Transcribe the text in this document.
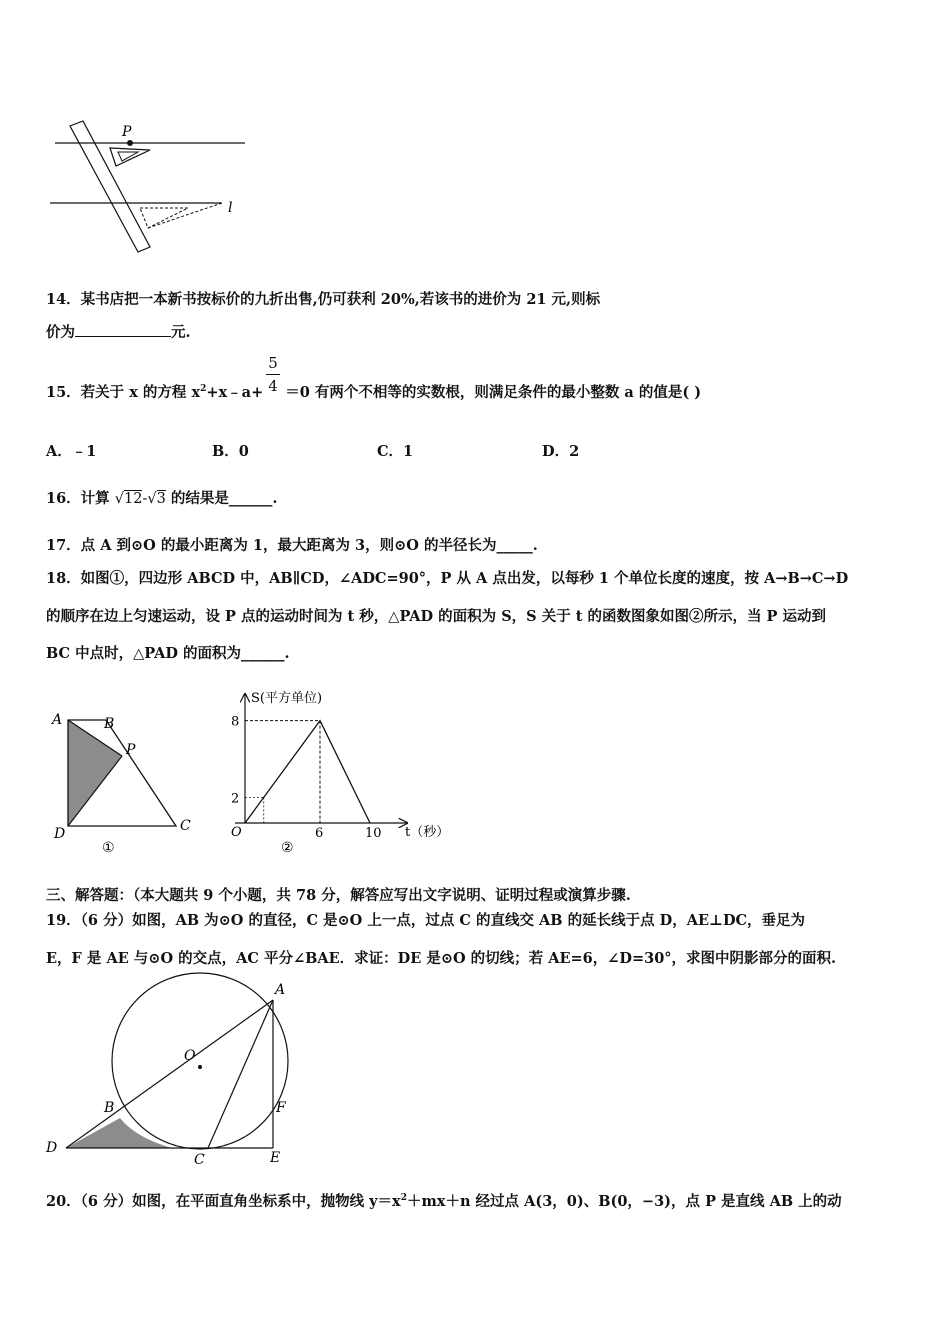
P
l
14．某书店把一本新书按标价的九折出售,仍可获利 20%,若该书的进价为 21 元,则标
价为	元.
15．若关于 x 的方程 $x^2+x﹣a+ =0$ 有两个不相等的实数根，则满足条件的最小整数 a 的值是( )
5
4
A．﹣1	B．0	C．1	D．2
16．计算 √12-√3 的结果是______.
17．点 A 到⊙O 的最小距离为 1，最大距离为 3，则⊙O 的半径长为_____.
18．如图①，四边形 ABCD 中，AB∥CD，∠ADC=90°，P 从 A 点出发，以每秒 1 个单位长度的速度，按 A→B→C→D
的顺序在边上匀速运动，设 P 点的运动时间为 t 秒，△PAD 的面积为 S，S 关于 t 的函数图象如图②所示，当 P 运动到
BC 中点时，△PAD 的面积为______.
A	B
P
C
D
①
8
2
6	10
S(平方单位)
t（秒）
O
②
三、解答题：（本大题共 9 个小题，共 78 分，解答应写出文字说明、证明过程或演算步骤.
19．（6 分）如图，AB 为⊙O 的直径，C 是⊙O 上一点，过点 C 的直线交 AB 的延长线于点 D，AE⊥DC，垂足为
E，F 是 AE 与⊙O 的交点，AC 平分∠BAE．求证：DE 是⊙O 的切线；若 AE=6，∠D=30°，求图中阴影部分的面积.
A
O
B	F
D
C	E
20．（6 分）如图，在平面直角坐标系中，抛物线 $y=x^2+mx+n$ 经过点 A(3，0)、B(0，−3)，点 P 是直线 AB 上的动
